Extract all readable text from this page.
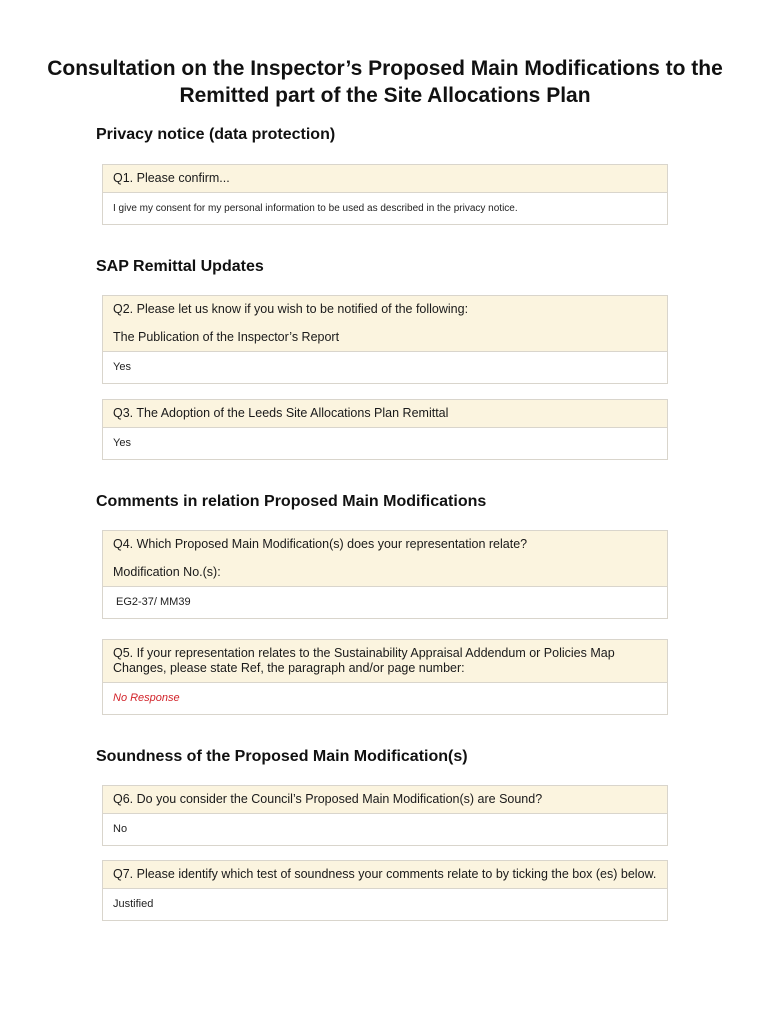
Consultation on the Inspector’s Proposed Main Modifications to the
Remitted part of the Site Allocations Plan
Privacy notice (data protection)
Q1. Please confirm...
I give my consent for my personal information to be used as described in the privacy notice.
SAP Remittal Updates
Q2. Please let us know if you wish to be notified of the following:
The Publication of the Inspector’s Report
Yes
Q3. The Adoption of the Leeds Site Allocations Plan Remittal
Yes
Comments in relation Proposed Main Modifications
Q4. Which Proposed Main Modification(s) does your representation relate?
Modification No.(s):
EG2-37/ MM39
Q5. If your representation relates to the Sustainability Appraisal Addendum or Policies Map Changes, please state Ref, the paragraph and/or page number:
No Response
Soundness of the Proposed Main Modification(s)
Q6. Do you consider the Council’s Proposed Main Modification(s) are Sound?
No
Q7. Please identify which test of soundness your comments relate to by ticking the box (es) below.
Justified
